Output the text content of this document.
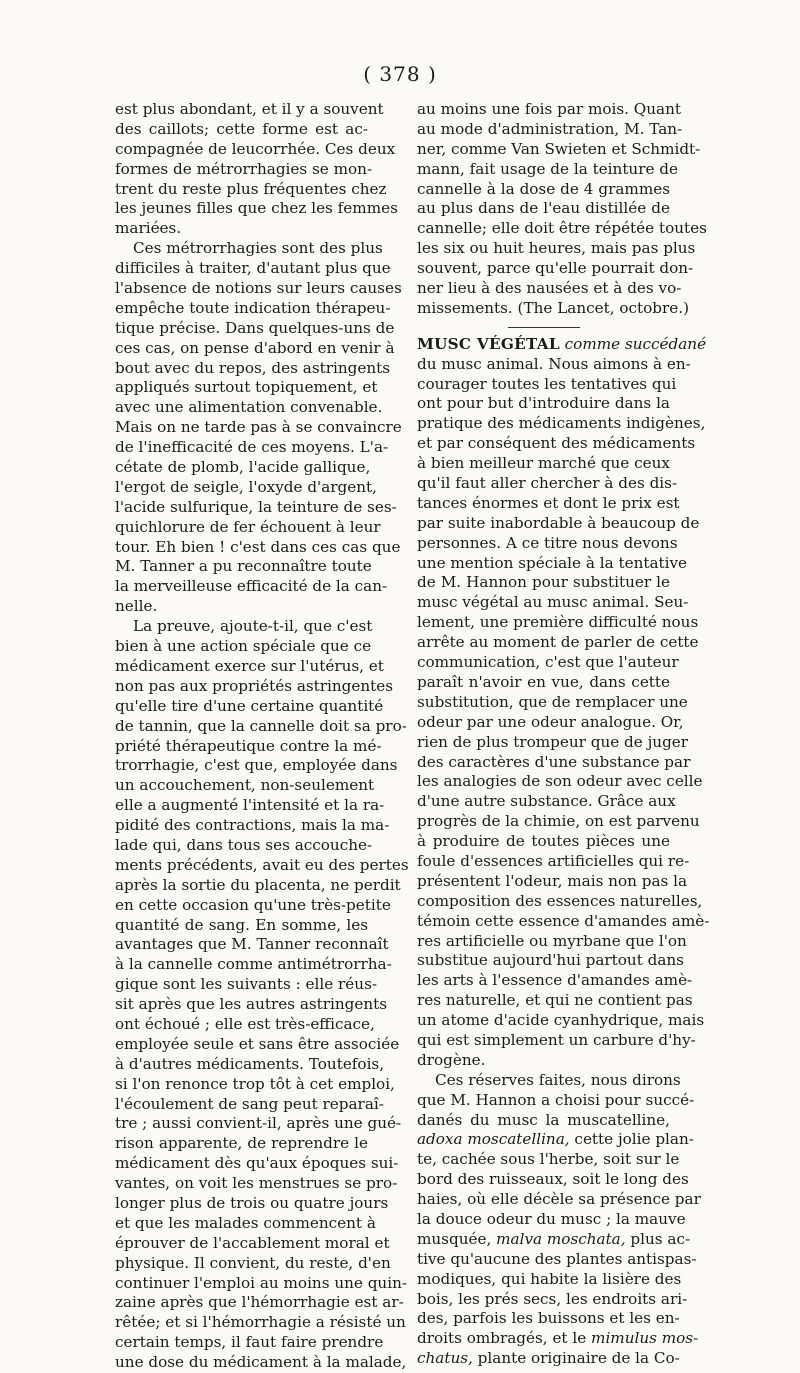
( 378 )
est plus abondant, et il y a souvent
des caillots; cette forme est ac-
compagnée de leucorrhée. Ces deux
formes de métrorrhagies se mon-
trent du reste plus fréquentes chez
les jeunes filles que chez les femmes
mariées.
Ces métrorrhagies sont des plus
difficiles à traiter, d'autant plus que
l'absence de notions sur leurs causes
empêche toute indication thérapeu-
tique précise. Dans quelques-uns de
ces cas, on pense d'abord en venir à
bout avec du repos, des astringents
appliqués surtout topiquement, et
avec une alimentation convenable.
Mais on ne tarde pas à se convaincre
de l'inefficacité de ces moyens. L'a-
cétate de plomb, l'acide gallique,
l'ergot de seigle, l'oxyde d'argent,
l'acide sulfurique, la teinture de ses-
quichlorure de fer échouent à leur
tour. Eh bien ! c'est dans ces cas que
M. Tanner a pu reconnaître toute
la merveilleuse efficacité de la can-
nelle.
La preuve, ajoute-t-il, que c'est
bien à une action spéciale que ce
médicament exerce sur l'utérus, et
non pas aux propriétés astringentes
qu'elle tire d'une certaine quantité
de tannin, que la cannelle doit sa pro-
priété thérapeutique contre la mé-
trorrhagie, c'est que, employée dans
un accouchement, non-seulement
elle a augmenté l'intensité et la ra-
pidité des contractions, mais la ma-
lade qui, dans tous ses accouche-
ments précédents, avait eu des pertes
après la sortie du placenta, ne perdit
en cette occasion qu'une très-petite
quantité de sang. En somme, les
avantages que M. Tanner reconnaît
à la cannelle comme antimétrorrha-
gique sont les suivants : elle réus-
sit après que les autres astringents
ont échoué ; elle est très-efficace,
employée seule et sans être associée
à d'autres médicaments. Toutefois,
si l'on renonce trop tôt à cet emploi,
l'écoulement de sang peut reparaî-
tre ; aussi convient-il, après une gué-
rison apparente, de reprendre le
médicament dès qu'aux époques sui-
vantes, on voit les menstrues se pro-
longer plus de trois ou quatre jours
et que les malades commencent à
éprouver de l'accablement moral et
physique. Il convient, du reste, d'en
continuer l'emploi au moins une quin-
zaine après que l'hémorrhagie est ar-
rêtée; et si l'hémorrhagie a résisté un
certain temps, il faut faire prendre
une dose du médicament à la malade,
au moins une fois par mois. Quant
au mode d'administration, M. Tan-
ner, comme Van Swieten et Schmidt-
mann, fait usage de la teinture de
cannelle à la dose de 4 grammes
au plus dans de l'eau distillée de
cannelle; elle doit être répétée toutes
les six ou huit heures, mais pas plus
souvent, parce qu'elle pourrait don-
ner lieu à des nausées et à des vo-
missements. (The Lancet, octobre.)
MUSC VÉGÉTAL comme succédané
du musc animal. Nous aimons à en-
courager toutes les tentatives qui
ont pour but d'introduire dans la
pratique des médicaments indigènes,
et par conséquent des médicaments
à bien meilleur marché que ceux
qu'il faut aller chercher à des dis-
tances énormes et dont le prix est
par suite inabordable à beaucoup de
personnes. A ce titre nous devons
une mention spéciale à la tentative
de M. Hannon pour substituer le
musc végétal au musc animal. Seu-
lement, une première difficulté nous
arrête au moment de parler de cette
communication, c'est que l'auteur
paraît n'avoir en vue, dans cette
substitution, que de remplacer une
odeur par une odeur analogue. Or,
rien de plus trompeur que de juger
des caractères d'une substance par
les analogies de son odeur avec celle
d'une autre substance. Grâce aux
progrès de la chimie, on est parvenu
à produire de toutes pièces une
foule d'essences artificielles qui re-
présentent l'odeur, mais non pas la
composition des essences naturelles,
témoin cette essence d'amandes amè-
res artificielle ou myrbane que l'on
substitue aujourd'hui partout dans
les arts à l'essence d'amandes amè-
res naturelle, et qui ne contient pas
un atome d'acide cyanhydrique, mais
qui est simplement un carbure d'hy-
drogène.
Ces réserves faites, nous dirons
que M. Hannon a choisi pour succé-
danés du musc la muscatelline,
adoxa moscatellina, cette jolie plan-
te, cachée sous l'herbe, soit sur le
bord des ruisseaux, soit le long des
haies, où elle décèle sa présence par
la douce odeur du musc ; la mauve
musquée, malva moschata, plus ac-
tive qu'aucune des plantes antispas-
modiques, qui habite la lisière des
bois, les prés secs, les endroits ari-
des, parfois les buissons et les en-
droits ombragés, et le mimulus mos-
chatus, plante originaire de la Co-
